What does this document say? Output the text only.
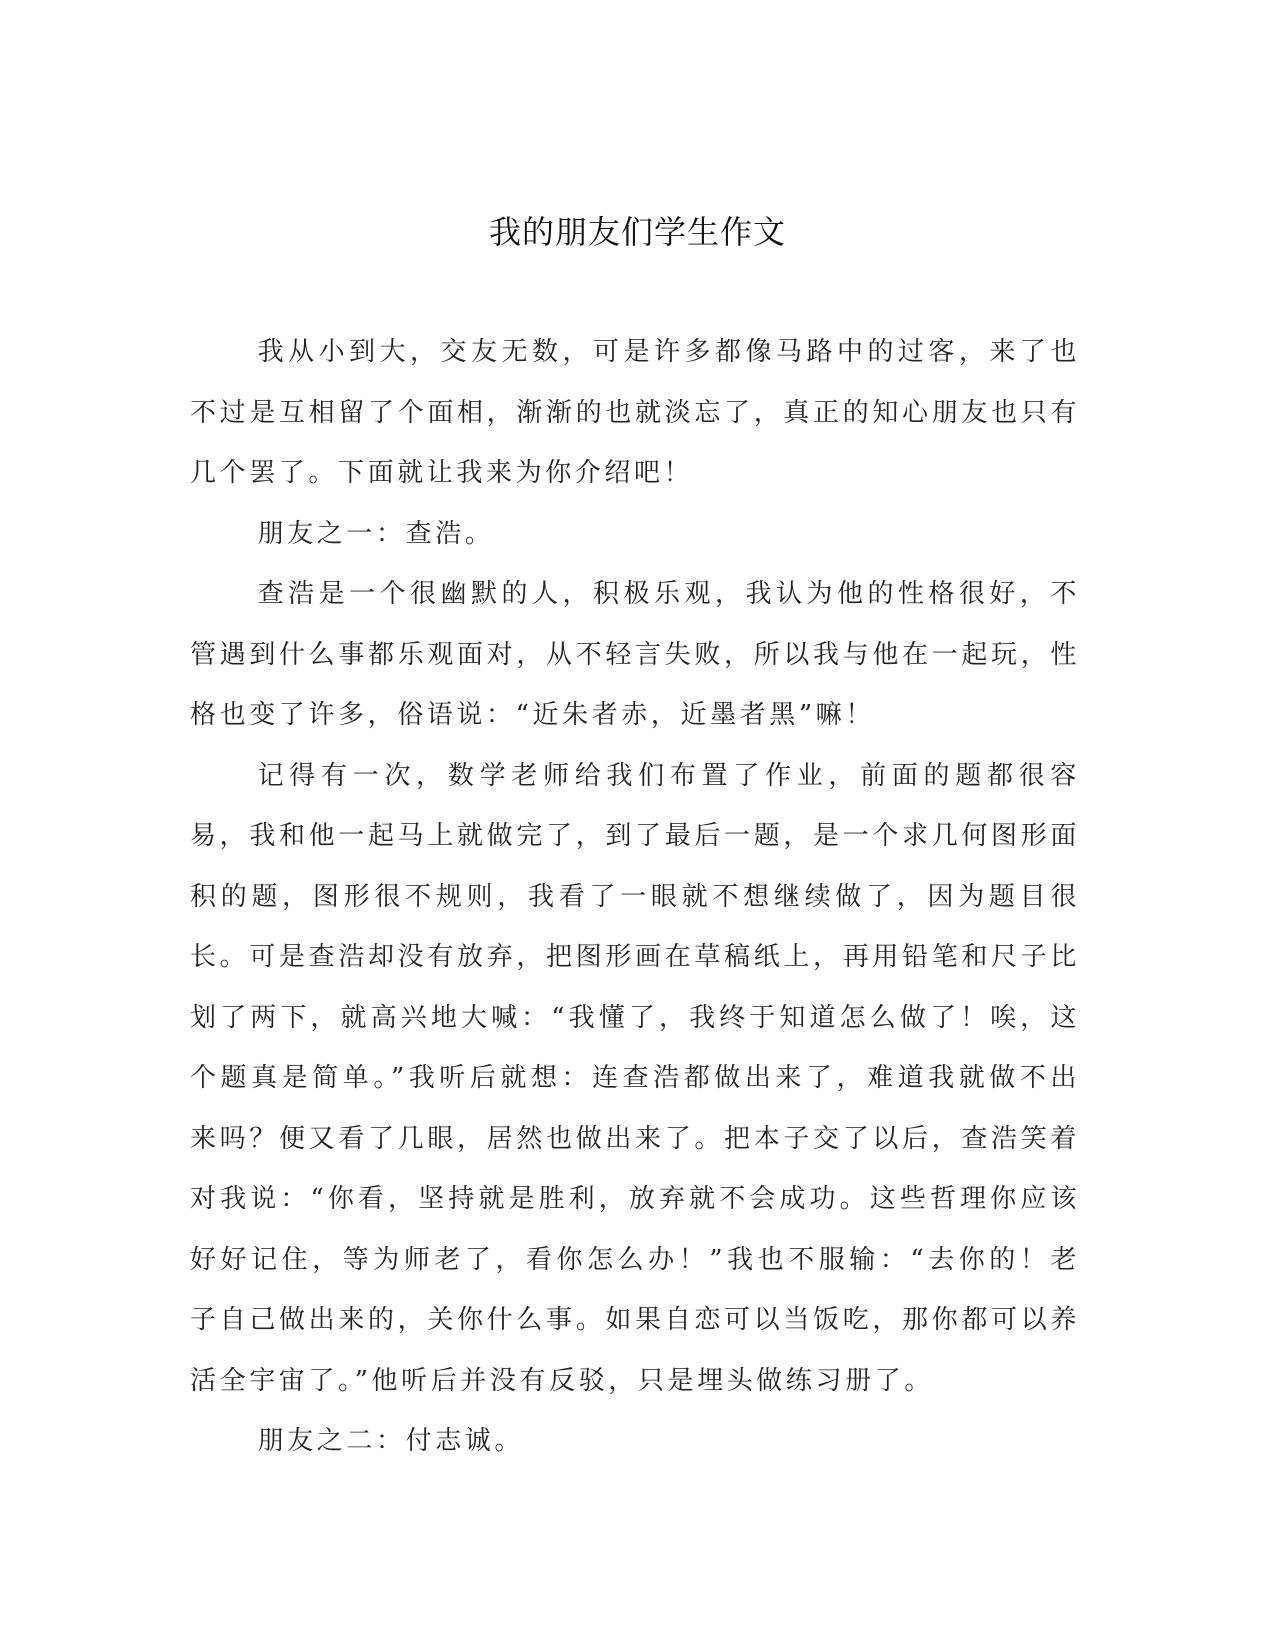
我的朋友们学生作文

我从小到大，交友无数，可是许多都像马路中的过客，来了也不过是互相留了个面相，渐渐的也就淡忘了，真正的知心朋友也只有几个罢了。下面就让我来为你介绍吧！

朋友之一：查浩。

查浩是一个很幽默的人，积极乐观，我认为他的性格很好，不管遇到什么事都乐观面对，从不轻言失败，所以我与他在一起玩，性格也变了许多，俗语说：“近朱者赤，近墨者黑”嘛！

记得有一次，数学老师给我们布置了作业，前面的题都很容易，我和他一起马上就做完了，到了最后一题，是一个求几何图形面积的题，图形很不规则，我看了一眼就不想继续做了，因为题目很长。可是查浩却没有放弃，把图形画在草稿纸上，再用铅笔和尺子比划了两下，就高兴地大喊：“我懂了，我终于知道怎么做了！唉，这个题真是简单。”我听后就想：连查浩都做出来了，难道我就做不出来吗？便又看了几眼，居然也做出来了。把本子交了以后，查浩笑着对我说：“你看，坚持就是胜利，放弃就不会成功。这些哲理你应该好好记住，等为师老了，看你怎么办！”我也不服输：“去你的！老子自己做出来的，关你什么事。如果自恋可以当饭吃，那你都可以养活全宇宙了。”他听后并没有反驳，只是埋头做练习册了。

朋友之二：付志诚。
